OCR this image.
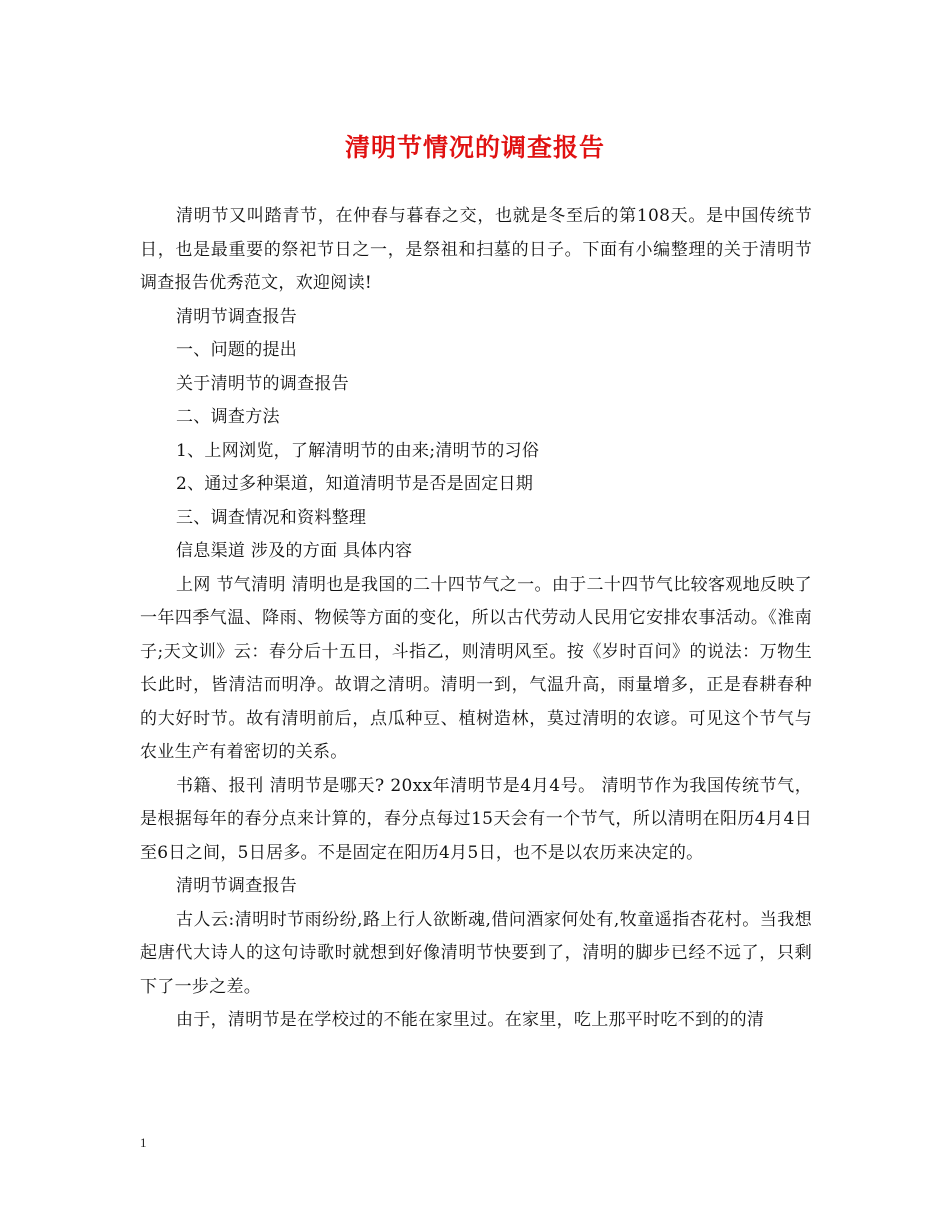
清明节情况的调查报告

清明节又叫踏青节，在仲春与暮春之交，也就是冬至后的第108天。是中国传统节日，也是最重要的祭祀节日之一，是祭祖和扫墓的日子。下面有小编整理的关于清明节调查报告优秀范文，欢迎阅读!

清明节调查报告

一、问题的提出

关于清明节的调查报告

二、调查方法

1、上网浏览，了解清明节的由来;清明节的习俗

2、通过多种渠道，知道清明节是否是固定日期

三、调查情况和资料整理

信息渠道 涉及的方面 具体内容

上网 节气清明 清明也是我国的二十四节气之一。由于二十四节气比较客观地反映了一年四季气温、降雨、物候等方面的变化，所以古代劳动人民用它安排农事活动。《淮南子;天文训》云：春分后十五日，斗指乙，则清明风至。按《岁时百问》的说法：万物生长此时，皆清洁而明净。故谓之清明。清明一到，气温升高，雨量增多，正是春耕春种的大好时节。故有清明前后，点瓜种豆、植树造林，莫过清明的农谚。可见这个节气与农业生产有着密切的关系。

书籍、报刊 清明节是哪天? 20xx年清明节是4月4号。 清明节作为我国传统节气，是根据每年的春分点来计算的，春分点每过15天会有一个节气，所以清明在阳历4月4日至6日之间，5日居多。不是固定在阳历4月5日，也不是以农历来决定的。

清明节调查报告

古人云:清明时节雨纷纷,路上行人欲断魂,借问酒家何处有,牧童遥指杏花村。当我想起唐代大诗人的这句诗歌时就想到好像清明节快要到了，清明的脚步已经不远了，只剩下了一步之差。

由于，清明节是在学校过的不能在家里过。在家里，吃上那平时吃不到的的清

1
